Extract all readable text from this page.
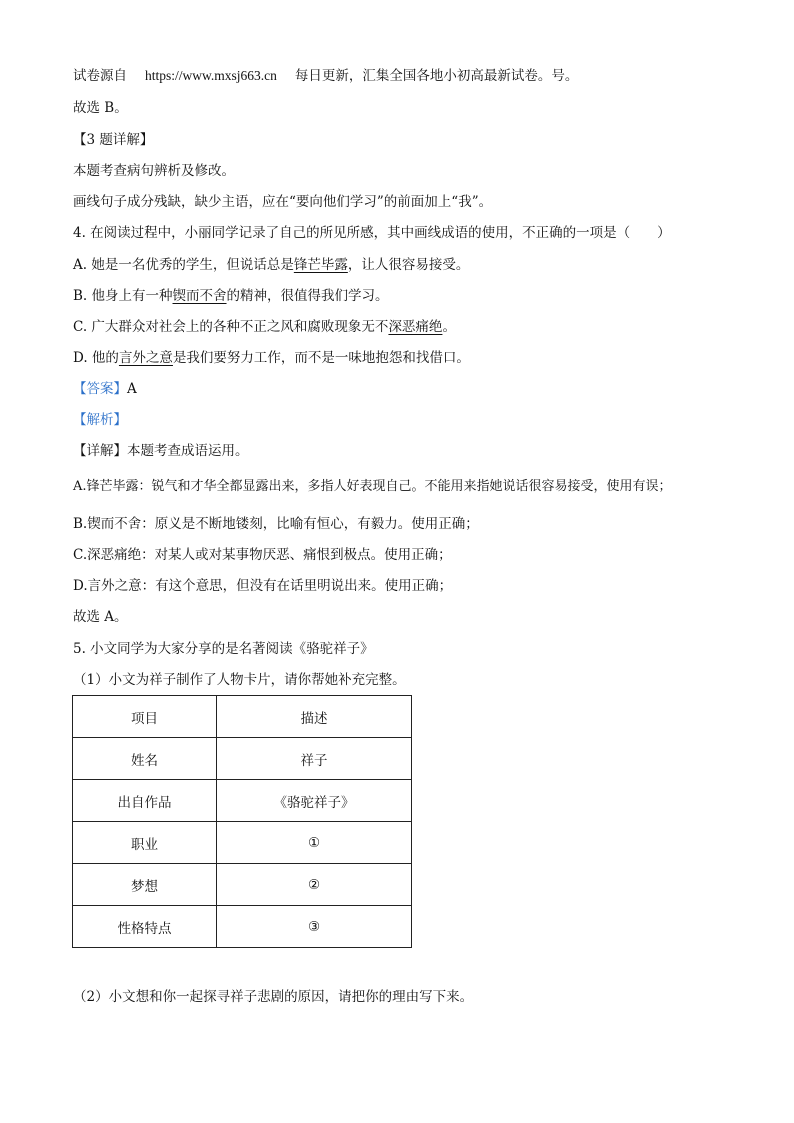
试卷源自 https://www.mxsj663.cn 每日更新，汇集全国各地小初高最新试卷。号。
故选 B。
【3 题详解】
本题考查病句辨析及修改。
画线句子成分残缺，缺少主语，应在“要向他们学习”的前面加上“我”。
4. 在阅读过程中，小丽同学记录了自己的所见所感，其中画线成语的使用，不正确的一项是（　　）
A. 她是一名优秀的学生，但说话总是锋芒毕露，让人很容易接受。
B. 他身上有一种锲而不舍的精神，很值得我们学习。
C. 广大群众对社会上的各种不正之风和腐败现象无不深恶痛绝。
D. 他的言外之意是我们要努力工作，而不是一味地抱怨和找借口。
【答案】A
【解析】
【详解】本题考查成语运用。
A.锋芒毕露：锐气和才华全都显露出来，多指人好表现自己。不能用来指她说话很容易接受，使用有误；
B.锲而不舍：原义是不断地镂刻，比喻有恒心，有毅力。使用正确；
C.深恶痛绝：对某人或对某事物厌恶、痛恨到极点。使用正确；
D.言外之意：有这个意思，但没有在话里明说出来。使用正确；
故选 A。
5. 小文同学为大家分享的是名著阅读《骆驼祥子》
（1）小文为祥子制作了人物卡片，请你帮她补充完整。
项目	描述
姓名	祥子
出自作品	《骆驼祥子》
职业	①
梦想	②
性格特点	③
（2）小文想和你一起探寻祥子悲剧的原因，请把你的理由写下来。
